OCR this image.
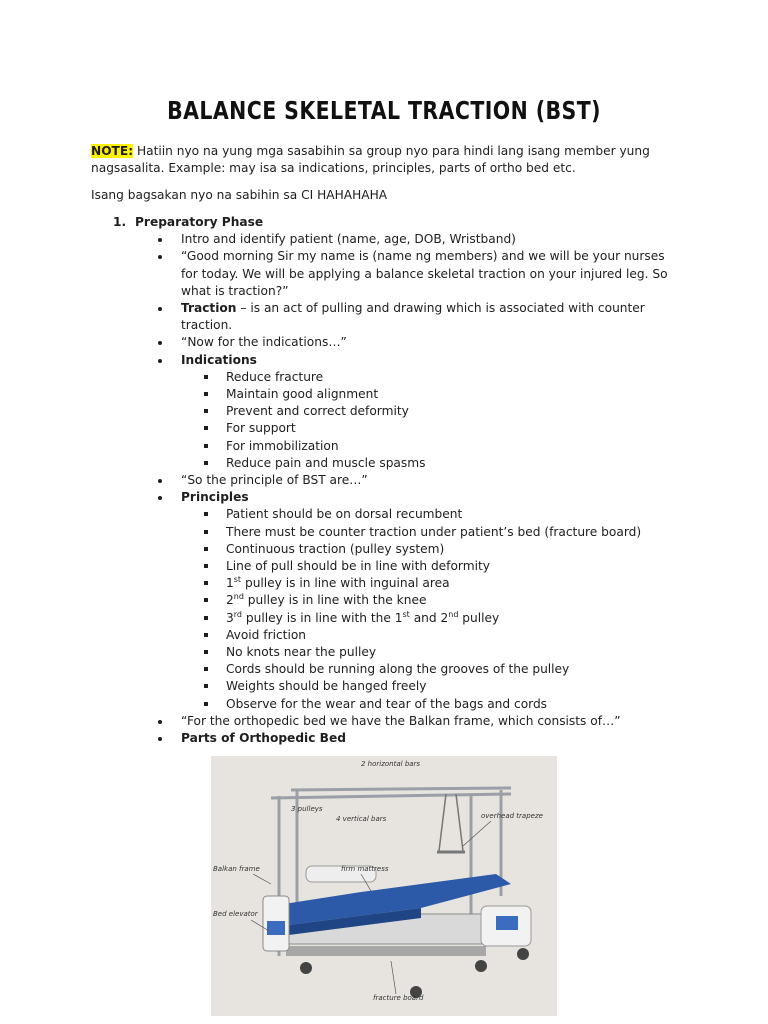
BALANCE SKELETAL TRACTION (BST)
NOTE: Hatiin nyo na yung mga sasabihin sa group nyo para hindi lang isang member yung nagsasalita. Example: may isa sa indications, principles, parts of ortho bed etc.
Isang bagsakan nyo na sabihin sa CI HAHAHAHA
1. Preparatory Phase
Intro and identify patient (name, age, DOB, Wristband)
“Good morning Sir my name is (name ng members) and we will be your nurses for today. We will be applying a balance skeletal traction on your injured leg. So what is traction?”
Traction – is an act of pulling and drawing which is associated with counter traction.
“Now for the indications…”
Indications
Reduce fracture
Maintain good alignment
Prevent and correct deformity
For support
For immobilization
Reduce pain and muscle spasms
“So the principle of BST are…”
Principles
Patient should be on dorsal recumbent
There must be counter traction under patient’s bed (fracture board)
Continuous traction (pulley system)
Line of pull should be in line with deformity
1st pulley is in line with inguinal area
2nd pulley is in line with the knee
3rd pulley is in line with the 1st and 2nd pulley
Avoid friction
No knots near the pulley
Cords should be running along the grooves of the pulley
Weights should be hanged freely
Observe for the wear and tear of the bags and cords
“For the orthopedic bed we have the Balkan frame, which consists of…”
Parts of Orthopedic Bed
2 horizontal bars
3 pulleys
4 vertical bars	overhead trapeze
Balkan frame	firm mattress
Bed elevator
fracture board
